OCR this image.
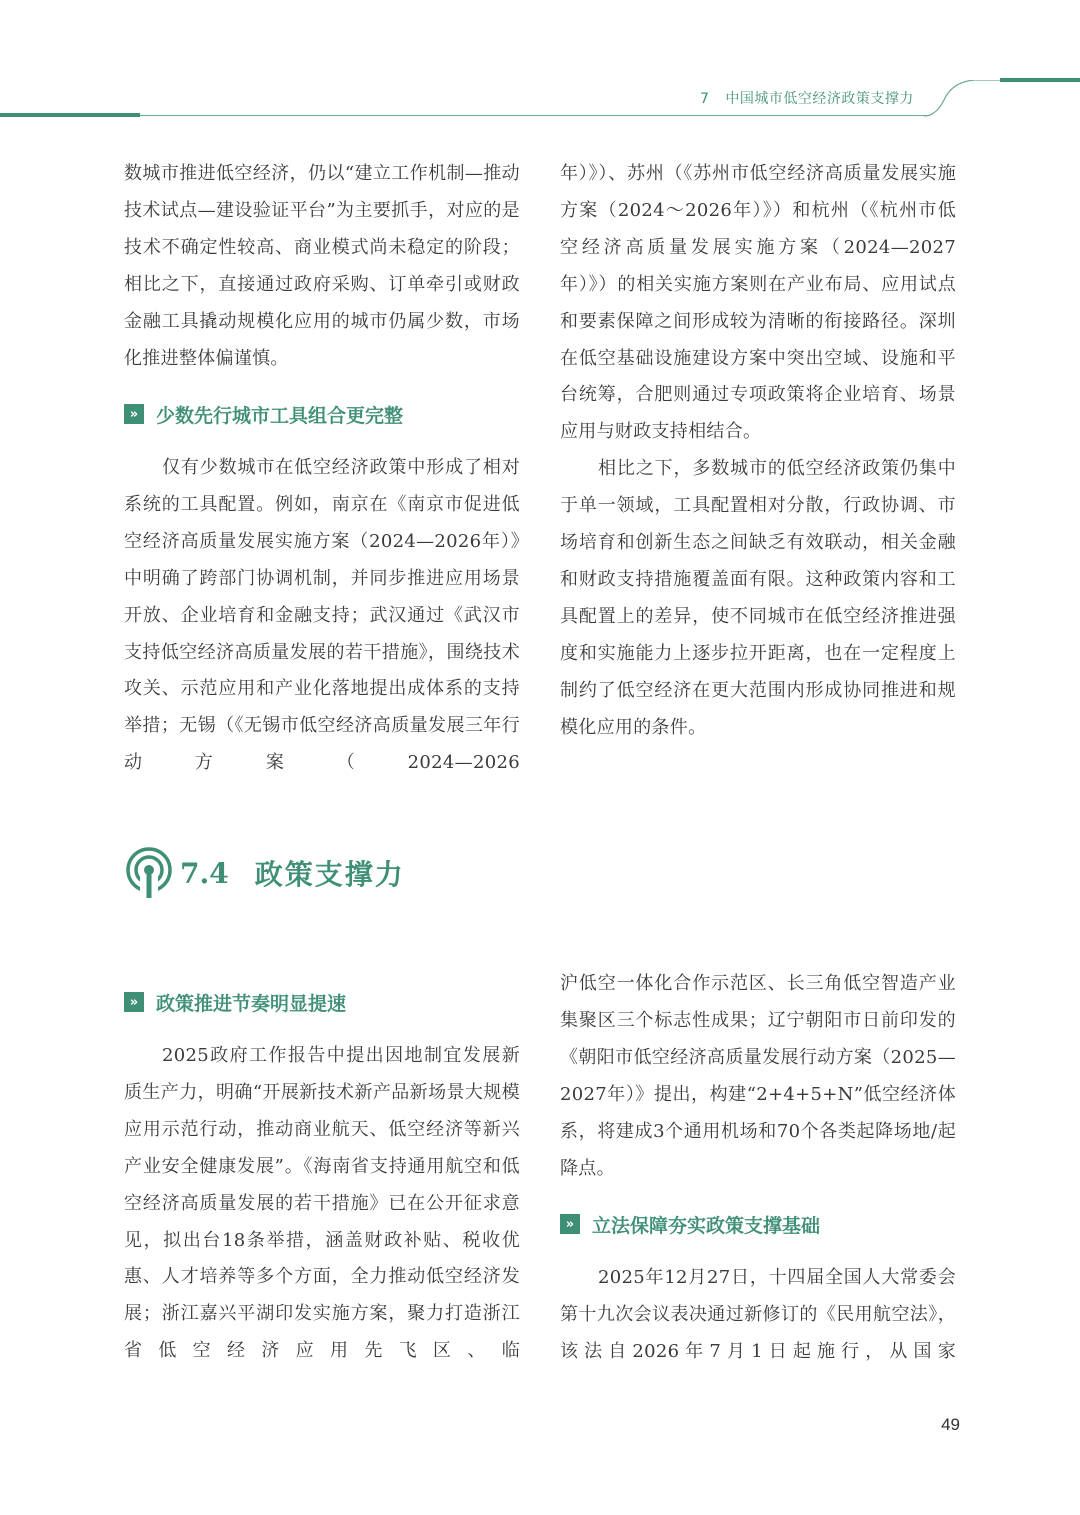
7 中国城市低空经济政策支撑力

数城市推进低空经济，仍以“建立工作机制—推动技术试点—建设验证平台”为主要抓手，对应的是技术不确定性较高、商业模式尚未稳定的阶段；相比之下，直接通过政府采购、订单牵引或财政金融工具撬动规模化应用的城市仍属少数，市场化推进整体偏谨慎。

» 少数先行城市工具组合更完整

仅有少数城市在低空经济政策中形成了相对系统的工具配置。例如，南京在《南京市促进低空经济高质量发展实施方案（2024—2026年）》中明确了跨部门协调机制，并同步推进应用场景开放、企业培育和金融支持；武汉通过《武汉市支持低空经济高质量发展的若干措施》，围绕技术攻关、示范应用和产业化落地提出成体系的支持举措；无锡（《无锡市低空经济高质量发展三年行动方案（2024—2026

年）》）、苏州（《苏州市低空经济高质量发展实施方案（2024～2026年）》）和杭州（《杭州市低空经济高质量发展实施方案（2024—2027年）》）的相关实施方案则在产业布局、应用试点和要素保障之间形成较为清晰的衔接路径。深圳在低空基础设施建设方案中突出空域、设施和平台统筹，合肥则通过专项政策将企业培育、场景应用与财政支持相结合。

相比之下，多数城市的低空经济政策仍集中于单一领域，工具配置相对分散，行政协调、市场培育和创新生态之间缺乏有效联动，相关金融和财政支持措施覆盖面有限。这种政策内容和工具配置上的差异，使不同城市在低空经济推进强度和实施能力上逐步拉开距离，也在一定程度上制约了低空经济在更大范围内形成协同推进和规模化应用的条件。

7.4 政策支撑力
» 政策推进节奏明显提速

2025政府工作报告中提出因地制宜发展新质生产力，明确“开展新技术新产品新场景大规模应用示范行动，推动商业航天、低空经济等新兴产业安全健康发展”。《海南省支持通用航空和低空经济高质量发展的若干措施》已在公开征求意见，拟出台18条举措，涵盖财政补贴、税收优惠、人才培养等多个方面，全力推动低空经济发展；浙江嘉兴平湖印发实施方案，聚力打造浙江省低空经济应用先飞区、临

沪低空一体化合作示范区、长三角低空智造产业集聚区三个标志性成果；辽宁朝阳市日前印发的《朝阳市低空经济高质量发展行动方案（2025—2027年）》提出，构建“2+4+5+N”低空经济体系，将建成3个通用机场和70个各类起降场地/起降点。

» 立法保障夯实政策支撑基础

2025年12月27日，十四届全国人大常委会第十九次会议表决通过新修订的《民用航空法》，该法自2026年7月1日起施行，从国家

49
